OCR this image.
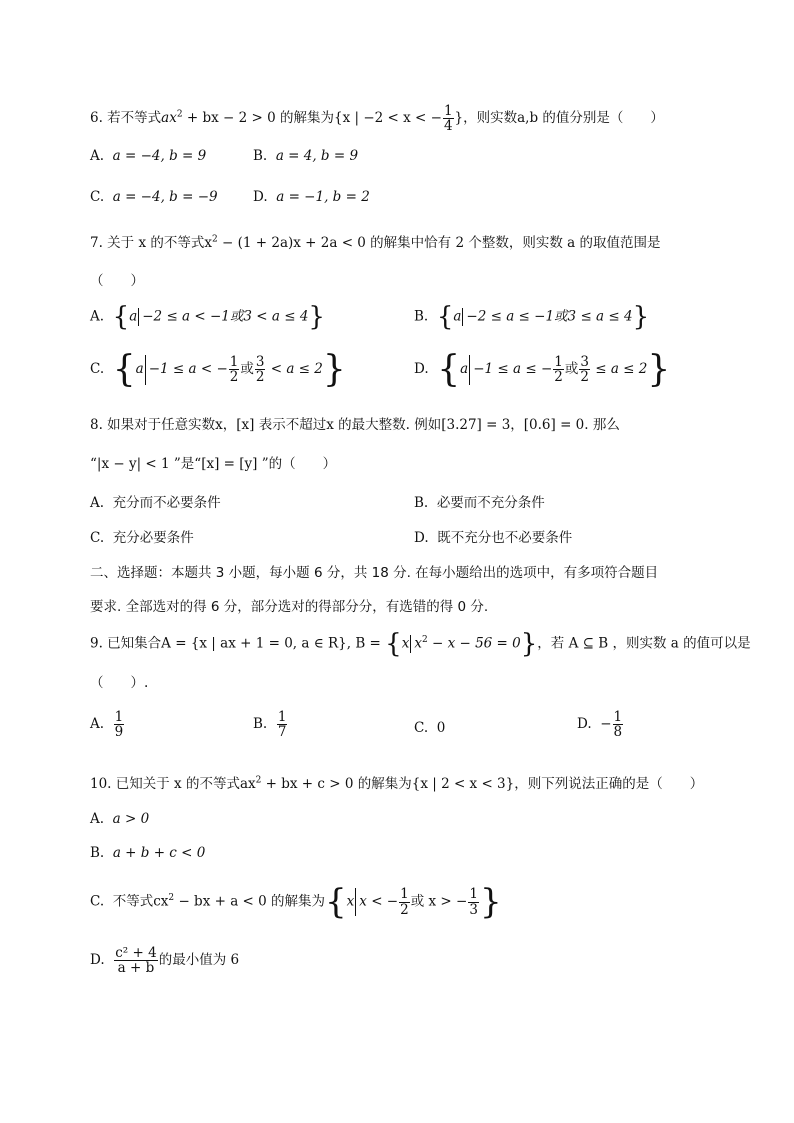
6. 若不等式$ax^2$ + bx − 2 > 0 的解集为{x | −2 < x < − $\frac{1}{4}$ }，则实数a,b 的值分别是（　　）
A. a = −4, b = 9	B. a = 4, b = 9
C. a = −4, b = −9	D. a = −1, b = 2
7. 关于 x 的不等式$x^2 - (1 + 2a)x + 2a < 0$ 的解集中恰有 2 个整数，则实数 a 的取值范围是
（　　）
A. {a −2 ≤ a < −1或3 < a ≤ 4}	B. {a −2 ≤ a ≤ −1或3 ≤ a ≤ 4}
C. {a −1 ≤ a < − $\frac{1}{2}$ 或 $\frac{3}{2} < a \le 2$}	D. {a −1 ≤ a ≤ − $\frac{1}{2}$ 或 $\frac{3}{2} \le a \le 2$}
8. 如果对于任意实数x，[x] 表示不超过x 的最大整数. 例如[3.27] = 3，[0.6] = 0. 那么
“|x − y| < 1 ”是“[x] = [y] ”的（　　）
A. 充分而不必要条件	B. 必要而不充分条件
C. 充分必要条件	D. 既不充分也不必要条件
二、选择题：本题共 3 小题，每小题 6 分，共 18 分. 在每小题给出的选项中，有多项符合题目
要求. 全部选对的得 6 分，部分选对的得部分分，有选错的得 0 分.
9. 已知集合A = {x | ax + 1 = 0, a ∈ R}, B = {x $x^2 - x - 56 = 0$}，若 A ⊆ B ，则实数 a 的值可以是
（　　）.
A. $\frac{1}{9}$	B. $\frac{1}{7}$	C. 0	D. − $\frac{1}{8}$
10. 已知关于 x 的不等式$ax^2$ + bx + c > 0 的解集为{x | 2 < x < 3}，则下列说法正确的是（　　）
A. a > 0
B. a + b + c < 0
C. 不等式$cx^2$ − bx + a < 0 的解集为{x x < − $\frac{1}{2}$ 或 x > − $\frac{1}{3}$ }
D. $\frac{\text{c² + 4}}{a + b}$ 的最小值为 6
